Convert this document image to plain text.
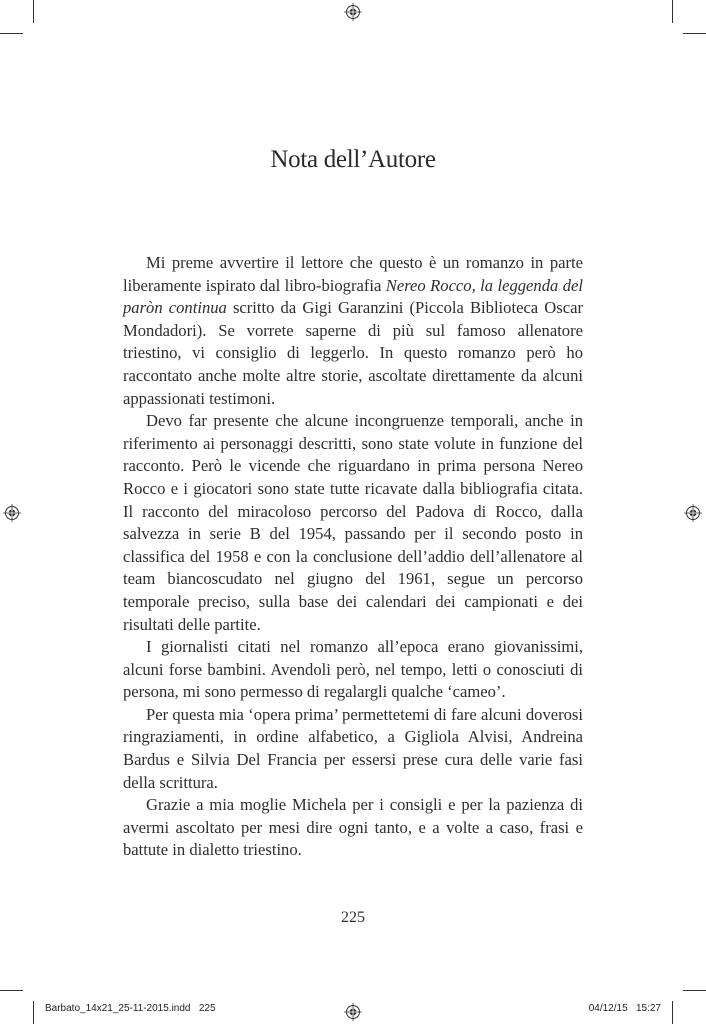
Nota dell’Autore

Mi preme avvertire il lettore che questo è un romanzo in parte liberamente ispirato dal libro-biografia Nereo Rocco, la leggenda del paròn continua scritto da Gigi Garanzini (Piccola Biblioteca Oscar Mondadori). Se vorrete saperne di più sul famoso allenatore triestino, vi consiglio di leggerlo. In questo romanzo però ho raccontato anche molte altre storie, ascoltate direttamente da alcuni appassionati testimoni.

Devo far presente che alcune incongruenze temporali, anche in riferimento ai personaggi descritti, sono state volute in funzione del racconto. Però le vicende che riguardano in prima persona Nereo Rocco e i giocatori sono state tutte ricavate dalla bibliografia citata. Il racconto del miracoloso percorso del Padova di Rocco, dalla salvezza in serie B del 1954, passando per il secondo posto in classifica del 1958 e con la conclusione dell’addio dell’allenatore al team biancoscudato nel giugno del 1961, segue un percorso temporale preciso, sulla base dei calendari dei campionati e dei risultati delle partite.

I giornalisti citati nel romanzo all’epoca erano giovanissimi, alcuni forse bambini. Avendoli però, nel tempo, letti o conosciuti di persona, mi sono permesso di regalargli qualche ‘cameo’.

Per questa mia ‘opera prima’ permettetemi di fare alcuni doverosi ringraziamenti, in ordine alfabetico, a Gigliola Alvisi, Andreina Bardus e Silvia Del Francia per essersi prese cura delle varie fasi della scrittura.

Grazie a mia moglie Michela per i consigli e per la pazienza di avermi ascoltato per mesi dire ogni tanto, e a volte a caso, frasi e battute in dialetto triestino.

225
Barbato_14x21_25-11-2015.indd   225	04/12/15   15:27
